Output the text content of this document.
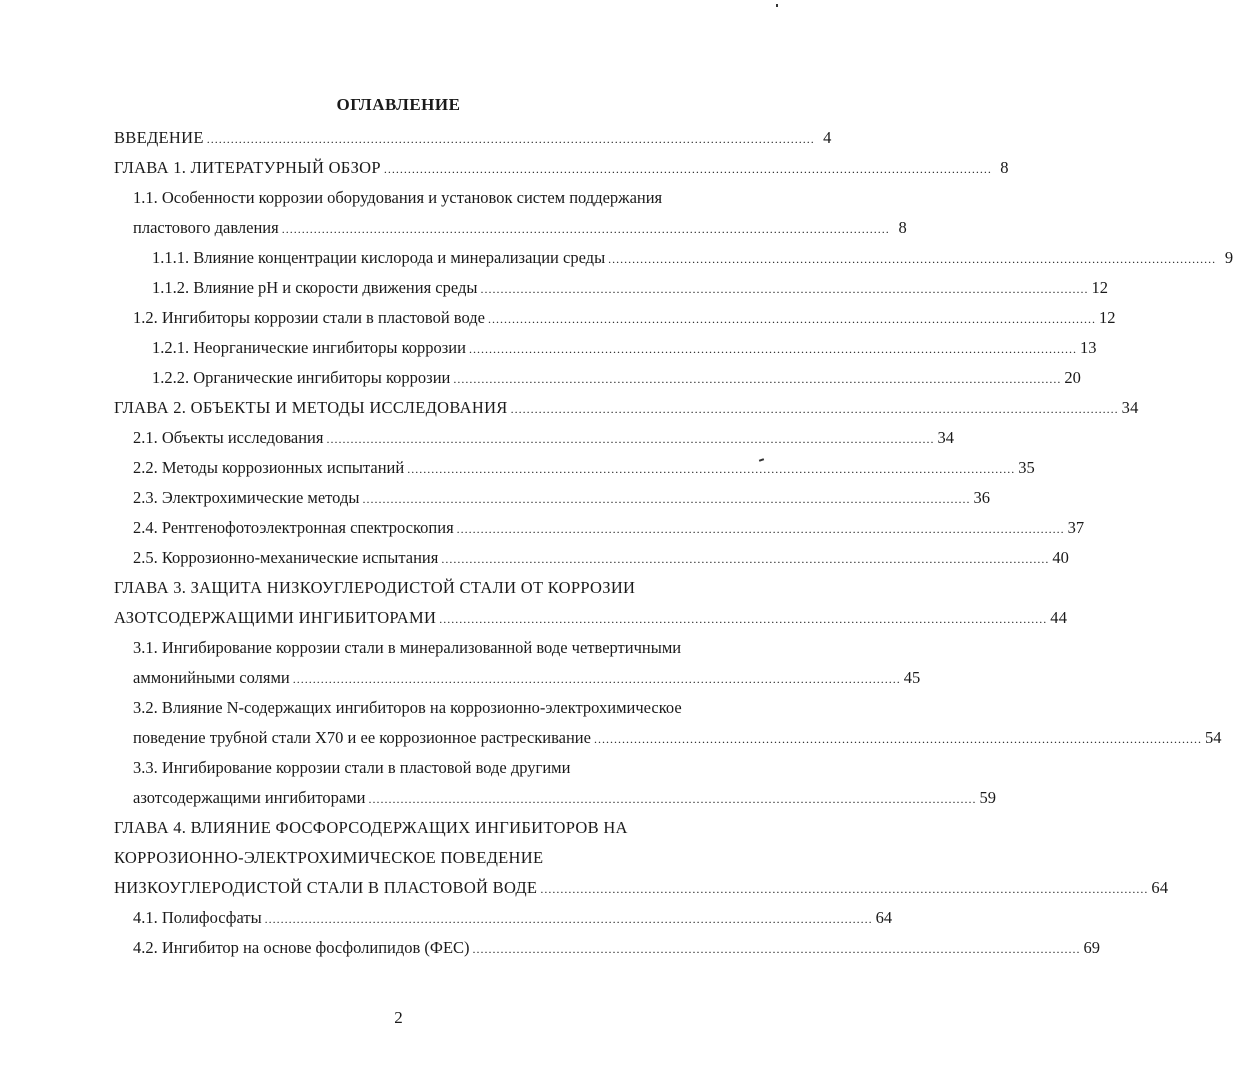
ОГЛАВЛЕНИЕ
ВВЕДЕНИЕ ........................................................................................................................................................ 4
ГЛАВА 1. ЛИТЕРАТУРНЫЙ ОБЗОР ........................................................................................................................................................ 8
1.1. Особенности коррозии оборудования и установок систем поддержания
пластового давления ........................................................................................................................................................ 8
1.1.1. Влияние концентрации кислорода и минерализации среды ........................................................................................................................................................ 9
1.1.2. Влияние pH и скорости движения среды ........................................................................................................................................................ 12
1.2. Ингибиторы коррозии стали в пластовой воде ........................................................................................................................................................ 12
1.2.1. Неорганические ингибиторы коррозии ........................................................................................................................................................ 13
1.2.2. Органические ингибиторы коррозии ........................................................................................................................................................ 20
ГЛАВА 2. ОБЪЕКТЫ И МЕТОДЫ ИССЛЕДОВАНИЯ ........................................................................................................................................................ 34
2.1. Объекты исследования ........................................................................................................................................................ 34
2.2. Методы коррозионных испытаний ........................................................................................................................................................ 35
2.3. Электрохимические методы ........................................................................................................................................................ 36
2.4. Рентгенофотоэлектронная спектроскопия ........................................................................................................................................................ 37
2.5. Коррозионно-механические испытания ........................................................................................................................................................ 40
ГЛАВА 3. ЗАЩИТА НИЗКОУГЛЕРОДИСТОЙ СТАЛИ ОТ КОРРОЗИИ
АЗОТСОДЕРЖАЩИМИ ИНГИБИТОРАМИ ........................................................................................................................................................ 44
3.1. Ингибирование коррозии стали в минерализованной воде четвертичными
аммонийными солями ........................................................................................................................................................ 45
3.2. Влияние N-содержащих ингибиторов на коррозионно-электрохимическое
поведение трубной стали Х70 и ее коррозионное растрескивание ........................................................................................................................................................ 54
3.3. Ингибирование коррозии стали в пластовой воде другими
азотсодержащими ингибиторами ........................................................................................................................................................ 59
ГЛАВА 4. ВЛИЯНИЕ ФОСФОРСОДЕРЖАЩИХ ИНГИБИТОРОВ НА
КОРРОЗИОННО-ЭЛЕКТРОХИМИЧЕСКОЕ ПОВЕДЕНИЕ
НИЗКОУГЛЕРОДИСТОЙ СТАЛИ В ПЛАСТОВОЙ ВОДЕ ........................................................................................................................................................ 64
4.1. Полифосфаты ........................................................................................................................................................ 64
4.2. Ингибитор на основе фосфолипидов (ФЕС) ........................................................................................................................................................ 69
2
